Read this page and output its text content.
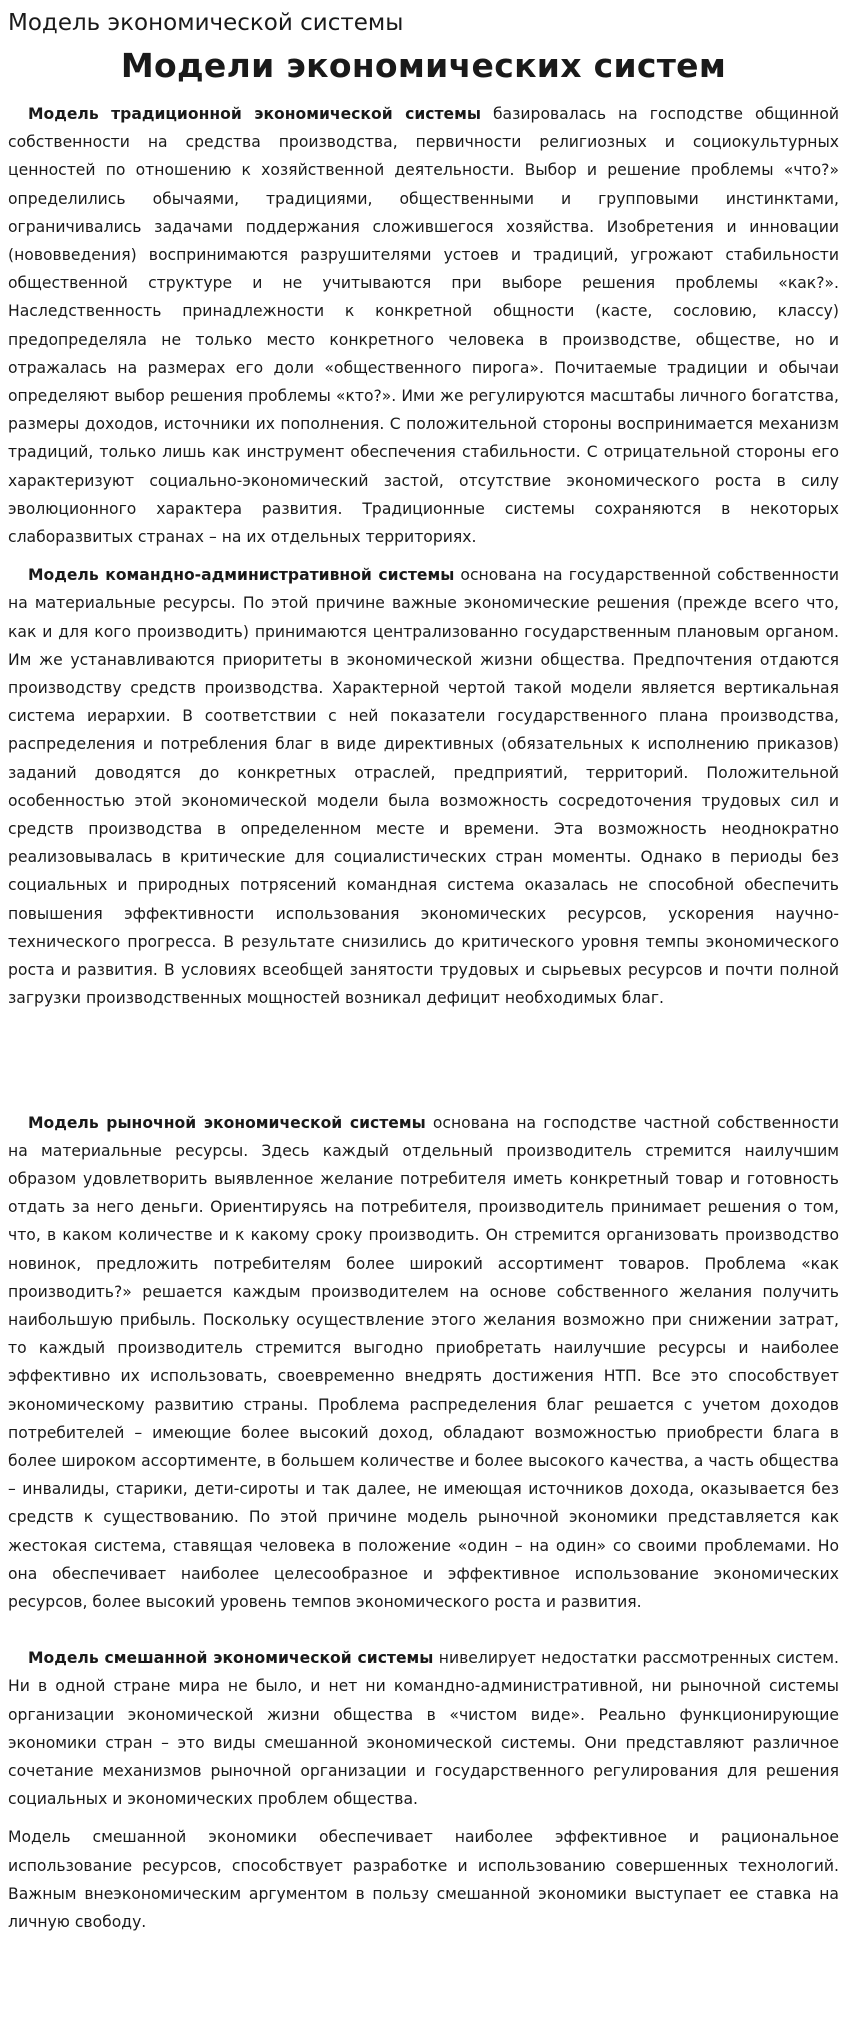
Модель экономической системы
Модели экономических систем

Модель традиционной экономической системы базировалась на господстве общинной собственности на средства производства, первичности религиозных и социокультурных ценностей по отношению к хозяйственной деятельности. Выбор и решение проблемы «что?» определились обычаями, традициями, общественными и групповыми инстинктами, ограничивались задачами поддержания сложившегося хозяйства. Изобретения и инновации (нововведения) воспринимаются разрушителями устоев и традиций, угрожают стабильности общественной структуре и не учитываются при выборе решения проблемы «как?». Наследственность принадлежности к конкретной общности (касте, сословию, классу) предопределяла не только место конкретного человека в производстве, обществе, но и отражалась на размерах его доли «общественного пирога». Почитаемые традиции и обычаи определяют выбор решения проблемы «кто?». Ими же регулируются масштабы личного богатства, размеры доходов, источники их пополнения. С положительной стороны воспринимается механизм традиций, только лишь как инструмент обеспечения стабильности. С отрицательной стороны его характеризуют социально-экономический застой, отсутствие экономического роста в силу эволюционного характера развития. Традиционные системы сохраняются в некоторых слаборазвитых странах – на их отдельных территориях.

Модель командно-административной системы основана на государственной собственности на материальные ресурсы. По этой причине важные экономические решения (прежде всего что, как и для кого производить) принимаются централизованно государственным плановым органом. Им же устанавливаются приоритеты в экономической жизни общества. Предпочтения отдаются производству средств производства. Характерной чертой такой модели является вертикальная система иерархии. В соответствии с ней показатели государственного плана производства, распределения и потребления благ в виде директивных (обязательных к исполнению приказов) заданий доводятся до конкретных отраслей, предприятий, территорий. Положительной особенностью этой экономической модели была возможность сосредоточения трудовых сил и средств производства в определенном месте и времени. Эта возможность неоднократно реализовывалась в критические для социалистических стран моменты. Однако в периоды без социальных и природных потрясений командная система оказалась не способной обеспечить повышения эффективности использования экономических ресурсов, ускорения научно-технического прогресса. В результате снизились до критического уровня темпы экономического роста и развития. В условиях всеобщей занятости трудовых и сырьевых ресурсов и почти полной загрузки производственных мощностей возникал дефицит необходимых благ.

Модель рыночной экономической системы основана на господстве частной собственности на материальные ресурсы. Здесь каждый отдельный производитель стремится наилучшим образом удовлетворить выявленное желание потребителя иметь конкретный товар и готовность отдать за него деньги. Ориентируясь на потребителя, производитель принимает решения о том, что, в каком количестве и к какому сроку производить. Он стремится организовать производство новинок, предложить потребителям более широкий ассортимент товаров. Проблема «как производить?» решается каждым производителем на основе собственного желания получить наибольшую прибыль. Поскольку осуществление этого желания возможно при снижении затрат, то каждый производитель стремится выгодно приобретать наилучшие ресурсы и наиболее эффективно их использовать, своевременно внедрять достижения НТП. Все это способствует экономическому развитию страны. Проблема распределения благ решается с учетом доходов потребителей – имеющие более высокий доход, обладают возможностью приобрести блага в более широком ассортименте, в большем количестве и более высокого качества, а часть общества – инвалиды, старики, дети-сироты и так далее, не имеющая источников дохода, оказывается без средств к существованию. По этой причине модель рыночной экономики представляется как жестокая система, ставящая человека в положение «один – на один» со своими проблемами. Но она обеспечивает наиболее целесообразное и эффективное использование экономических ресурсов, более высокий уровень темпов экономического роста и развития.

Модель смешанной экономической системы нивелирует недостатки рассмотренных систем. Ни в одной стране мира не было, и нет ни командно-административной, ни рыночной системы организации экономической жизни общества в «чистом виде». Реально функционирующие экономики стран – это виды смешанной экономической системы. Они представляют различное сочетание механизмов рыночной организации и государственного регулирования для решения социальных и экономических проблем общества.

Модель смешанной экономики обеспечивает наиболее эффективное и рациональное использование ресурсов, способствует разработке и использованию совершенных технологий. Важным внеэкономическим аргументом в пользу смешанной экономики выступает ее ставка на личную свободу.
